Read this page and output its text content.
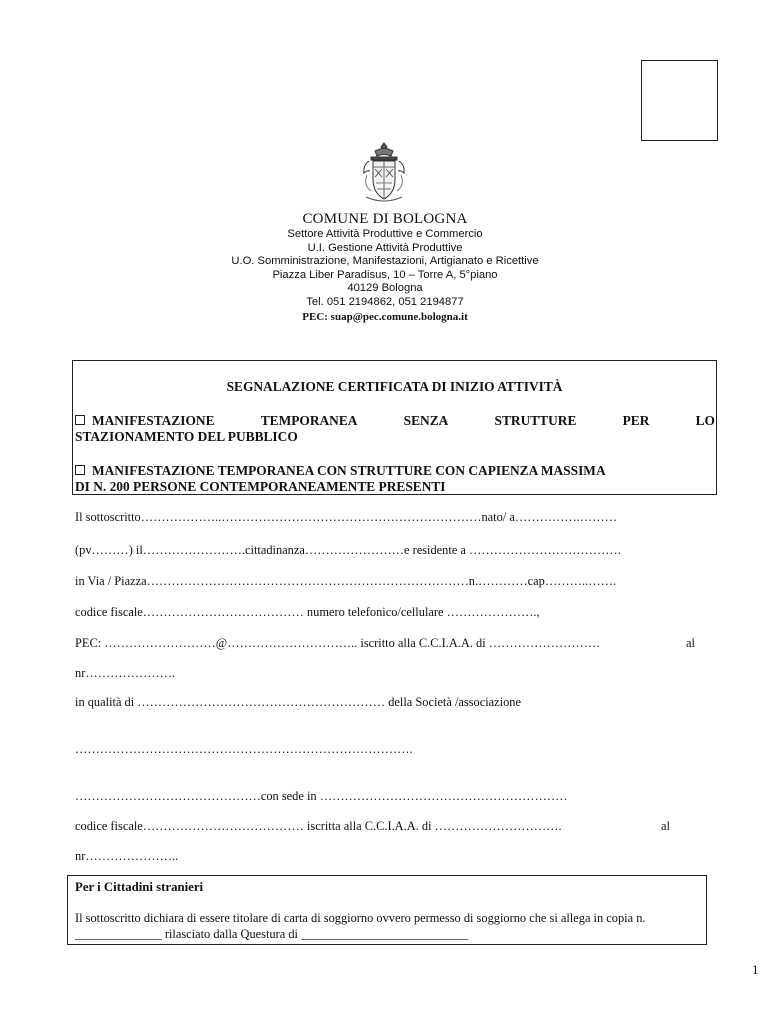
COMUNE DI BOLOGNA
Settore Attività Produttive e Commercio
U.I. Gestione Attività Produttive
U.O. Somministrazione, Manifestazioni, Artigianato e Ricettive
Piazza Liber Paradisus, 10 – Torre A, 5°piano
40129 Bologna
Tel. 051 2194862, 051 2194877
PEC: suap@pec.comune.bologna.it
SEGNALAZIONE CERTIFICATA DI INIZIO ATTIVITÀ
MANIFESTAZIONE	TEMPORANEA	SENZA	STRUTTURE	PER	LO
STAZIONAMENTO DEL PUBBLICO
MANIFESTAZIONE TEMPORANEA CON STRUTTURE CON CAPIENZA MASSIMA
DI N. 200 PERSONE CONTEMPORANEAMENTE PRESENTI
Il sottoscritto………………..………………………………………………………nato/ a…………….………
(pv………) il…………………….cittadinanza……………………e residente a ……………………………….
in Via / Piazza……………………………………………………………………n.…………cap………..…….
codice fiscale………………………………… numero telefonico/cellulare ………………….,
PEC: ………………………@………………………….. iscritto alla C.C.I.A.A. di ………………………	al
nr………………….
in qualità di …………………………………………………… della Società /associazione
……………………………………………………………………….
………………………………………con sede in ……………………………………………………
codice fiscale………………………………… iscritta alla C.C.I.A.A. di ………………………….	al
nr…………………..
Per i Cittadini stranieri
Il sottoscritto dichiara di essere titolare di carta di soggiorno ovvero permesso di soggiorno che si allega in copia n. ______________ rilasciato dalla Questura di ___________________________
1
